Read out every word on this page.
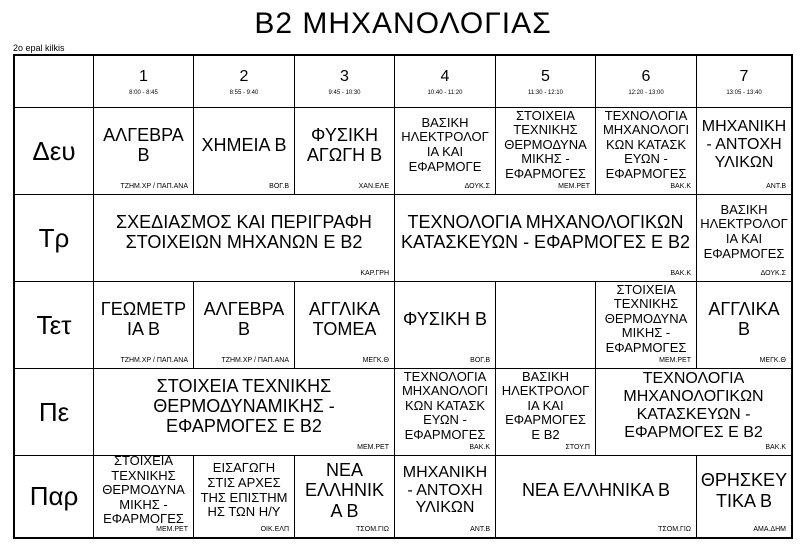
Β2 ΜΗΧΑΝΟΛΟΓΙΑΣ
2o epal kilkis
1
8:00 - 8:45
2
8:55 - 9:40
3
9:45 - 10:30
4
10:40 - 11:20
5
11:30 - 12:10
6
12:20 - 13:00
7
13:05 - 13:40
Δευ
Τρ
Τετ
Πε
Παρ
ΑΛΓΕΒΡΑ
Β
ΤΖΗΜ.ΧΡ / ΠΑΠ.ΑΝΑ
ΧΗΜΕΙΑ Β
ΒΟΓ.Β
ΦΥΣΙΚΗ
ΑΓΩΓΗ Β
ΧΑΝ.ΕΛΕ
ΒΑΣΙΚΗ
ΗΛΕΚΤΡΟΛΟΓ
ΙΑ ΚΑΙ
ΕΦΑΡΜΟΓΕ
ΔΟΥΚ.Σ
ΣΤΟΙΧΕΙΑ
ΤΕΧΝΙΚΗΣ
ΘΕΡΜΟΔΥΝΑ
ΜΙΚΗΣ -
ΕΦΑΡΜΟΓΕΣ
ΜΕΜ.ΡΕΤ
ΤΕΧΝΟΛΟΓΙΑ
ΜΗΧΑΝΟΛΟΓΙ
ΚΩΝ ΚΑΤΑΣΚ
ΕΥΩΝ -
ΕΦΑΡΜΟΓΕΣ
ΒΑΚ.Κ
ΜΗΧΑΝΙΚΗ
- ΑΝΤΟΧΗ
ΥΛΙΚΩΝ
ΑΝΤ.Β
ΣΧΕΔΙΑΣΜΟΣ ΚΑΙ ΠΕΡΙΓΡΑΦΗ
ΣΤΟΙΧΕΙΩΝ ΜΗΧΑΝΩΝ Ε Β2
ΚΑΡ.ΓΡΗ
ΤΕΧΝΟΛΟΓΙΑ ΜΗΧΑΝΟΛΟΓΙΚΩΝ
ΚΑΤΑΣΚΕΥΩΝ - ΕΦΑΡΜΟΓΕΣ Ε Β2
ΒΑΚ.Κ
ΒΑΣΙΚΗ
ΗΛΕΚΤΡΟΛΟΓ
ΙΑ ΚΑΙ
ΕΦΑΡΜΟΓΕΣ
ΔΟΥΚ.Σ
ΓΕΩΜΕΤΡ
ΙΑ Β
ΤΖΗΜ.ΧΡ / ΠΑΠ.ΑΝΑ
ΑΛΓΕΒΡΑ
Β
ΤΖΗΜ.ΧΡ / ΠΑΠ.ΑΝΑ
ΑΓΓΛΙΚΑ
ΤΟΜΕΑ
ΜΕΓΚ.Θ
ΦΥΣΙΚΗ Β
ΒΟΓ.Β
ΣΤΟΙΧΕΙΑ
ΤΕΧΝΙΚΗΣ
ΘΕΡΜΟΔΥΝΑ
ΜΙΚΗΣ -
ΕΦΑΡΜΟΓΕΣ
ΜΕΜ.ΡΕΤ
ΑΓΓΛΙΚΑ
Β
ΜΕΓΚ.Θ
ΣΤΟΙΧΕΙΑ ΤΕΧΝΙΚΗΣ
ΘΕΡΜΟΔΥΝΑΜΙΚΗΣ -
ΕΦΑΡΜΟΓΕΣ Ε Β2
ΜΕΜ.ΡΕΤ
ΤΕΧΝΟΛΟΓΙΑ
ΜΗΧΑΝΟΛΟΓΙ
ΚΩΝ ΚΑΤΑΣΚ
ΕΥΩΝ -
ΕΦΑΡΜΟΓΕΣ
ΒΑΚ.Κ
ΒΑΣΙΚΗ
ΗΛΕΚΤΡΟΛΟΓ
ΙΑ ΚΑΙ
ΕΦΑΡΜΟΓΕΣ
Ε Β2
ΣΤΟΥ.Π
ΤΕΧΝΟΛΟΓΙΑ
ΜΗΧΑΝΟΛΟΓΙΚΩΝ
ΚΑΤΑΣΚΕΥΩΝ -
ΕΦΑΡΜΟΓΕΣ Ε Β2
ΒΑΚ.Κ
ΣΤΟΙΧΕΙΑ
ΤΕΧΝΙΚΗΣ
ΘΕΡΜΟΔΥΝΑ
ΜΙΚΗΣ -
ΕΦΑΡΜΟΓΕΣ
ΜΕΜ.ΡΕΤ
ΕΙΣΑΓΩΓΗ
ΣΤΙΣ ΑΡΧΕΣ
ΤΗΣ ΕΠΙΣΤΗΜ
ΗΣ ΤΩΝ Η/Υ
ΟΙΚ.ΕΛΠ
ΝΕΑ
ΕΛΛΗΝΙΚ
Α Β
ΤΣΟΜ.ΓΙΩ
ΜΗΧΑΝΙΚΗ
- ΑΝΤΟΧΗ
ΥΛΙΚΩΝ
ΑΝΤ.Β
ΝΕΑ ΕΛΛΗΝΙΚΑ Β
ΤΣΟΜ.ΓΙΩ
ΘΡΗΣΚΕΥ
ΤΙΚΑ Β
ΑΜΑ.ΔΗΜ
